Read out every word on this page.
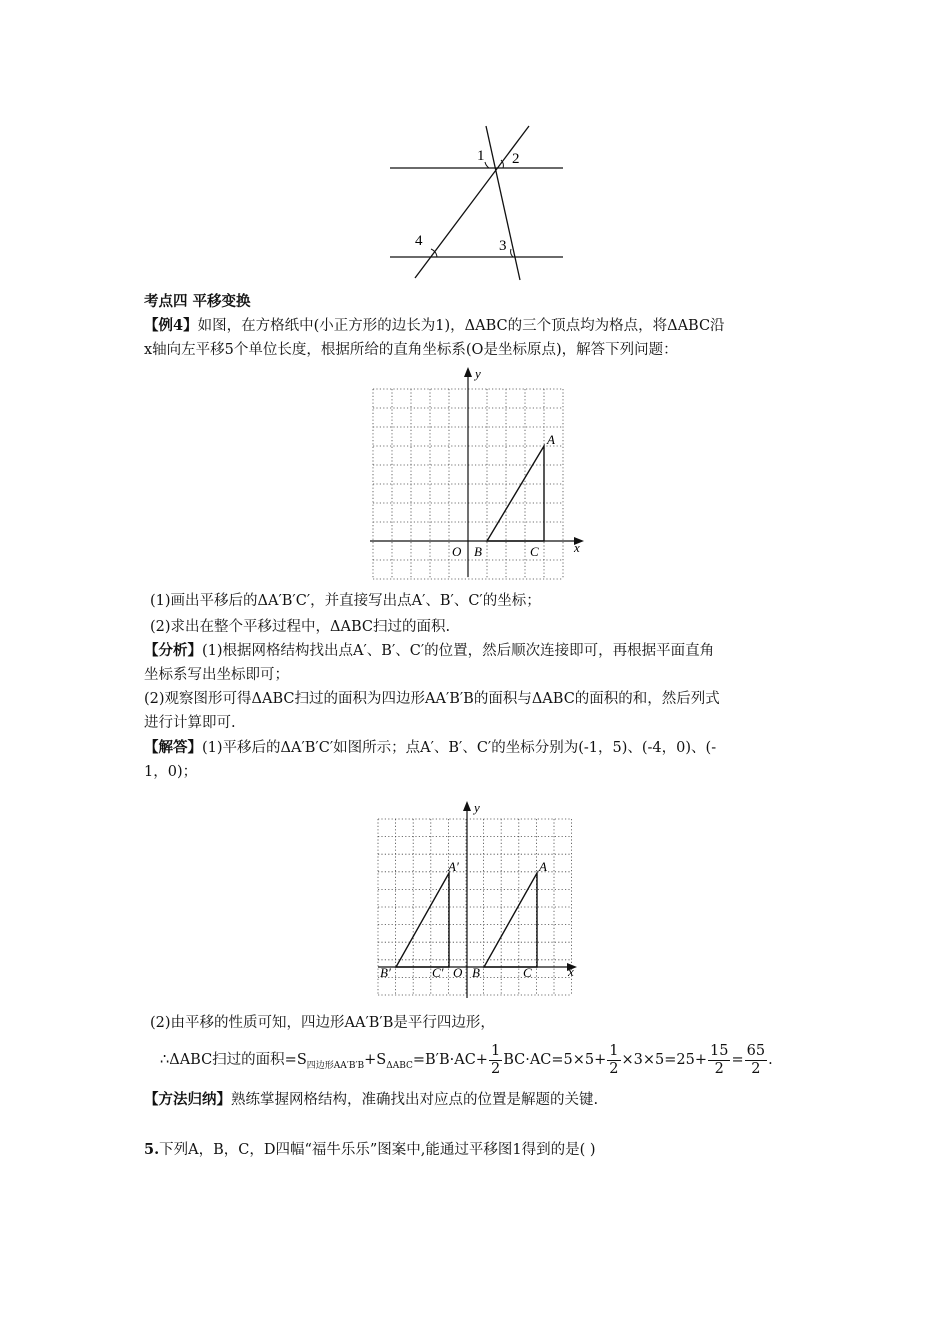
1 2
3
4
考点四 平移变换
【例4】如图，在方格纸中(小正方形的边长为1)，ΔABC的三个顶点均为格点，将ΔABC沿
x轴向左平移5个单位长度，根据所给的直角坐标系(O是坐标原点)，解答下列问题：
y
x
O
A
B	C
(1)画出平移后的ΔA′B′C′，并直接写出点A′、B′、C′的坐标；
(2)求出在整个平移过程中，ΔABC扫过的面积.
【分析】(1)根据网格结构找出点A′、B′、C′的位置，然后顺次连接即可，再根据平面直角
坐标系写出坐标即可；
(2)观察图形可得ΔABC扫过的面积为四边形AA′B′B的面积与ΔABC的面积的和，然后列式
进行计算即可.
【解答】(1)平移后的ΔA′B′C′如图所示；点A′、B′、C′的坐标分别为(-1，5)、(-4，0)、(-
1，0)；
y
x
O
A
B	C
A′
B′	C′
(2)由平移的性质可知，四边形AA′B′B是平行四边形，
∴ΔABC扫过的面积$=S_{四边形AA'B'B}+S_{\Delta ABC}=B'B\cdot AC+ \frac{1}{2} BC\cdot AC=5\times 5+ \frac{1}{2} \times 3\times 5=25+ \frac{15}{2} = \frac{65}{2}$ .
【方法归纳】熟练掌握网格结构，准确找出对应点的位置是解题的关键.
5.下列A，B，C，D四幅“福牛乐乐”图案中,能通过平移图1得到的是( )
